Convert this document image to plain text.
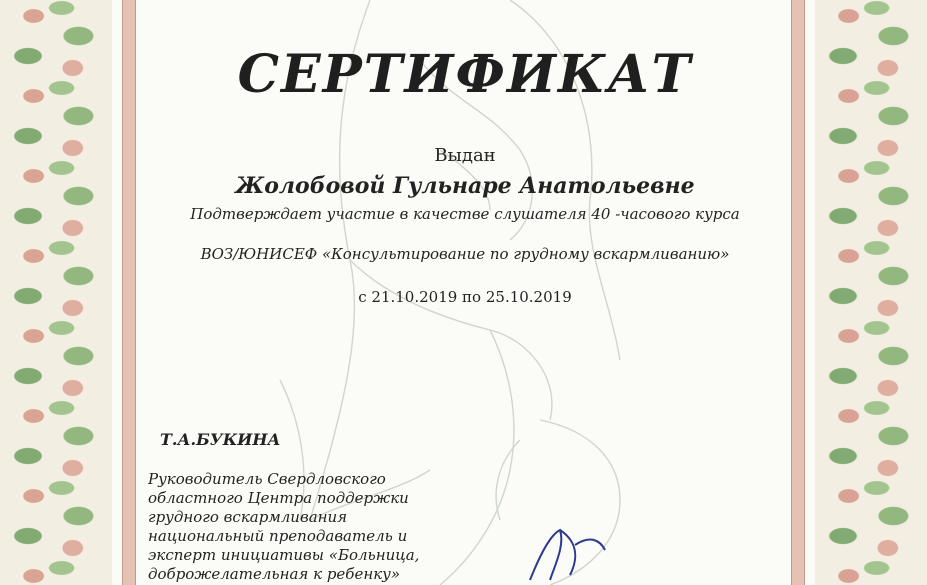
СЕРТИФИКАТ
Выдан
Жолобовой Гульнаре Анатольевне
Подтверждает участие в качестве слушателя 40 -часового курса
ВОЗ/ЮНИСЕФ «Консультирование по грудному вскармливанию»
с 21.10.2019 по 25.10.2019
Т.А.БУКИНА
Руководитель Свердловского
областного Центра поддержки
грудного вскармливания
национальный преподаватель и
эксперт инициативы «Больница,
доброжелательная к ребенку»
